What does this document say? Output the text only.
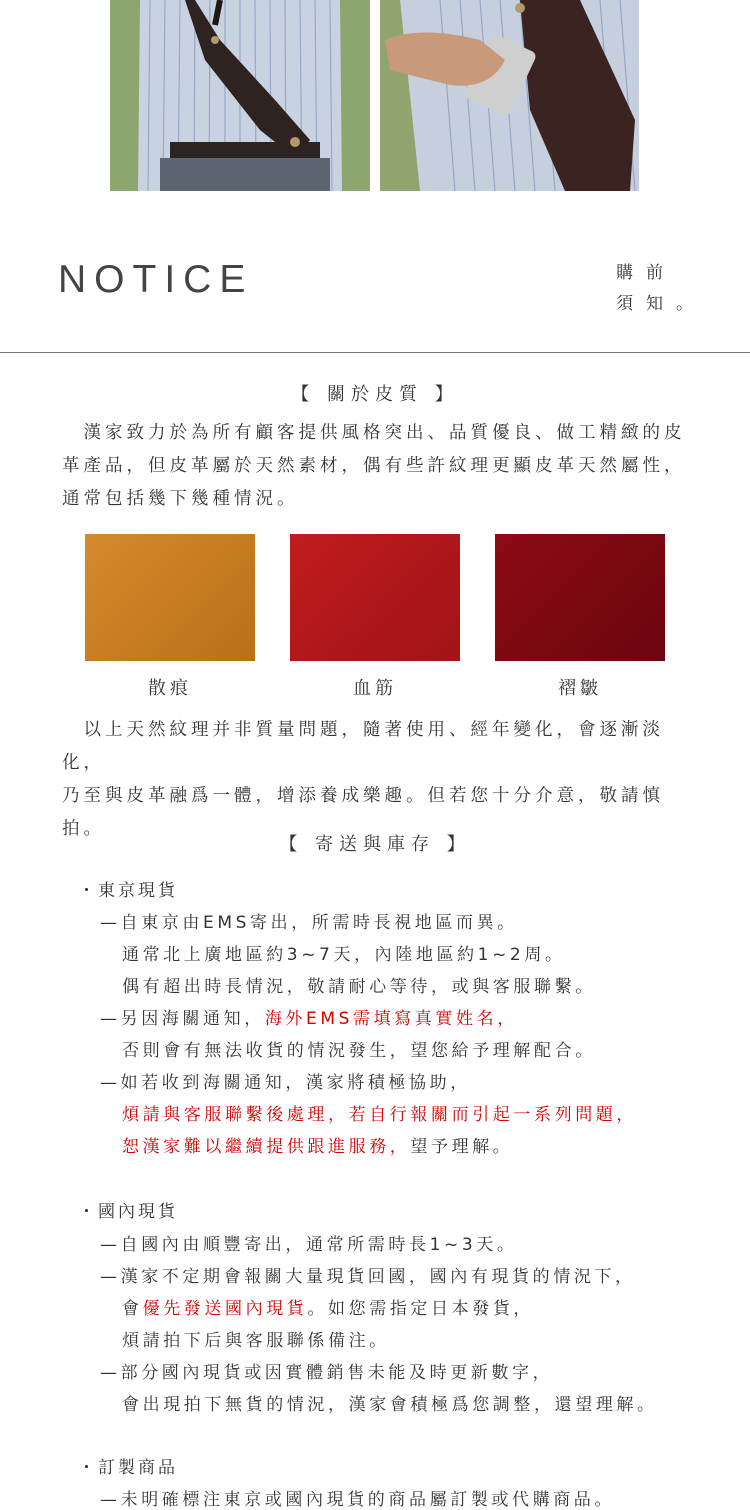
NOTICE	購前
須知。
【 關於皮質 】

　漢家致力於為所有顧客提供風格突出、品質優良、做工精緻的皮

革產品，但皮革屬於天然素材，偶有些許紋理更顯皮革天然屬性，

通常包括幾下幾種情況。

散痕	血筋	褶皺

　以上天然紋理并非質量問題，隨著使用、經年變化，會逐漸淡化，

乃至與皮革融爲一體，增添養成樂趣。但若您十分介意，敬請慎拍。

【 寄送與庫存 】
・東京現貨
—自東京由EMS寄出，所需時長視地區而異。
通常北上廣地區約3~7天，內陸地區約1~2周。
偶有超出時長情況，敬請耐心等待，或與客服聯繫。
—另因海關通知，海外EMS需填寫真實姓名，
否則會有無法收貨的情況發生，望您給予理解配合。
—如若收到海關通知，漢家將積極協助，
煩請與客服聯繫後處理，若自行報關而引起一系列問題，
恕漢家難以繼續提供跟進服務，望予理解。
・國內現貨
—自國內由順豐寄出，通常所需時長1~3天。
—漢家不定期會報關大量現貨回國，國內有現貨的情況下，
會優先發送國內現貨。如您需指定日本發貨，
煩請拍下后與客服聯係備注。
—部分國內現貨或因實體銷售未能及時更新數字，
會出現拍下無貨的情況，漢家會積極爲您調整，還望理解。
・訂製商品
—未明確標注東京或國內現貨的商品屬訂製或代購商品。
